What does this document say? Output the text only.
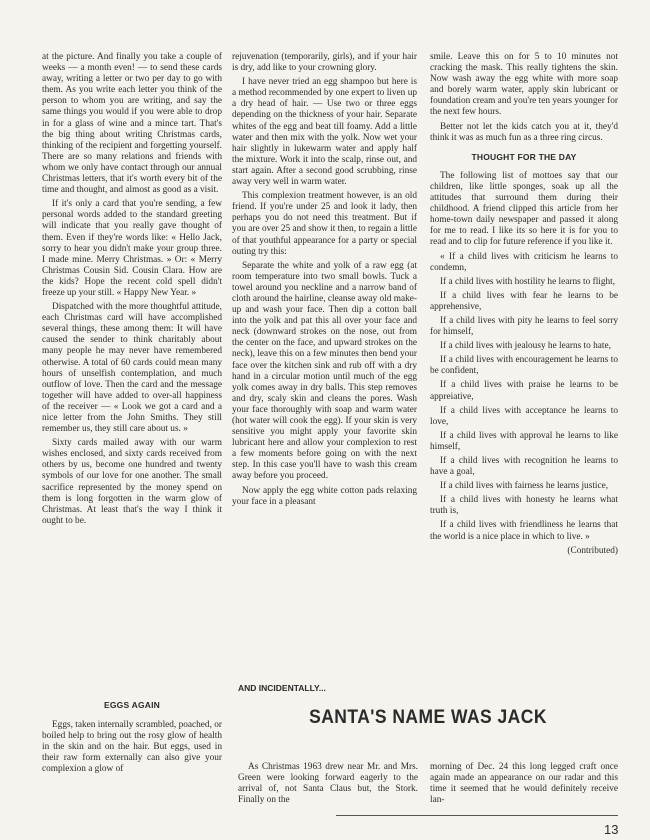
at the picture. And finally you take a couple of weeks — a month even! — to send these cards away, writing a letter or two per day to go with them. As you write each letter you think of the person to whom you are writing, and say the same things you would if you were able to drop in for a glass of wine and a mince tart. That's the big thing about writing Christmas cards, thinking of the recipient and forgetting yourself. There are so many relations and friends with whom we only have contact through our annual Christmas letters, that it's worth every bit of the time and thought, and almost as good as a visit.

If it's only a card that you're sending, a few personal words added to the standard greeting will indicate that you really gave thought of them. Even if they're words like: « Hello Jack, sorry to hear you didn't make your group three. I made mine. Merry Christmas. » Or: « Merry Christmas Cousin Sid. Cousin Clara. How are the kids? Hope the recent cold spell didn't freeze up your still. « Happy New Year. »

Dispatched with the more thoughtful attitude, each Christmas card will have accomplished several things, these among them: It will have caused the sender to think charitably about many people he may never have remembered otherwise. A total of 60 cards could mean many hours of unselfish contemplation, and much outflow of love. Then the card and the message together will have added to over-all happiness of the receiver — « Look we got a card and a nice letter from the John Smiths. They still remember us, they still care about us. »

Sixty cards mailed away with our warm wishes enclosed, and sixty cards received from others by us, become one hundred and twenty symbols of our love for one another. The small sacrifice represented by the money spend on them is long forgotten in the warm glow of Christmas. At least that's the way I think it ought to be.

EGGS AGAIN

Eggs, taken internally scrambled, poached, or boiled help to bring out the rosy glow of health in the skin and on the hair. But eggs, used in their raw form externally can also give your complexion a glow of

rejuvenation (temporarily, girls), and if your hair is dry, add like to your crowning glory.

I have never tried an egg shampoo but here is a method recommended by one expert to liven up a dry head of hair. — Use two or three eggs depending on the thickness of your hair. Separate whites of the egg and beat till foamy. Add a little water and then mix with the yolk. Now wet your hair slightly in lukewarm water and apply half the mixture. Work it into the scalp, rinse out, and start again. After a second good scrubbing, rinse away very well in warm water.

This complexion treatment however, is an old friend. If you're under 25 and look it lady, then perhaps you do not need this treatment. But if you are over 25 and show it then, to regain a little of that youthful appearance for a party or special outing try this:

Separate the white and yolk of a raw egg (at room temperature into two small bowls. Tuck a towel around you neckline and a narrow band of cloth around the hairline, cleanse away old make-up and wash your face. Then dip a cotton ball into the yolk and pat this all over your face and neck (downward strokes on the nose, out from the center on the face, and upward strokes on the neck), leave this on a few minutes then bend your face over the kitchen sink and rub off with a dry hand in a circular motion until much of the egg yolk comes away in dry balls. This step removes and dry, scaly skin and cleans the pores. Wash your face thoroughly with soap and warm water (hot water will cook the egg). If your skin is very sensitive you might apply your favorite skin lubricant here and allow your complexion to rest a few moments before going on with the next step. In this case you'll have to wash this cream away before you proceed.

Now apply the egg white cotton pads relaxing your face in a pleasant

smile. Leave this on for 5 to 10 minutes not cracking the mask. This really tightens the skin. Now wash away the egg white with more soap and borely warm water, apply skin lubricant or foundation cream and you're ten years younger for the next few hours.

Better not let the kids catch you at it, they'd think it was as much fun as a three ring circus.

THOUGHT FOR THE DAY

The following list of mottoes say that our children, like little sponges, soak up all the attitudes that surround them during their childhood. A friend clipped this article from her home-town daily newspaper and passed it along for me to read. I like its so here it is for you to read and to clip for future reference if you like it.

« If a child lives with criticism he learns to condemn,

If a child lives with hostility he learns to flight,

If a child lives with fear he learns to be apprehensive,

If a child lives with pity he learns to feel sorry for himself,

If a child lives with jealousy he learns to hate,

If a child lives with encouragement he learns to be confident,

If a child lives with praise he learns to be appreiative,

If a child lives with acceptance he learns to love,

If a child lives with approval he learns to like himself,

If a child lives with recognition he learns to have a goal,

If a child lives with fairness he learns justice,

If a child lives with honesty he learns what truth is,

If a child lives with friendliness he learns that the world is a nice place in which to live. »

(Contributed)
AND INCIDENTALLY...
SANTA'S NAME WAS JACK

As Christmas 1963 drew near Mr. and Mrs. Green were looking forward eagerly to the arrival of, not Santa Claus but, the Stork. Finally on the

morning of Dec. 24 this long legged craft once again made an appearance on our radar and this time it seemed that he would definitely receive lan-

13
